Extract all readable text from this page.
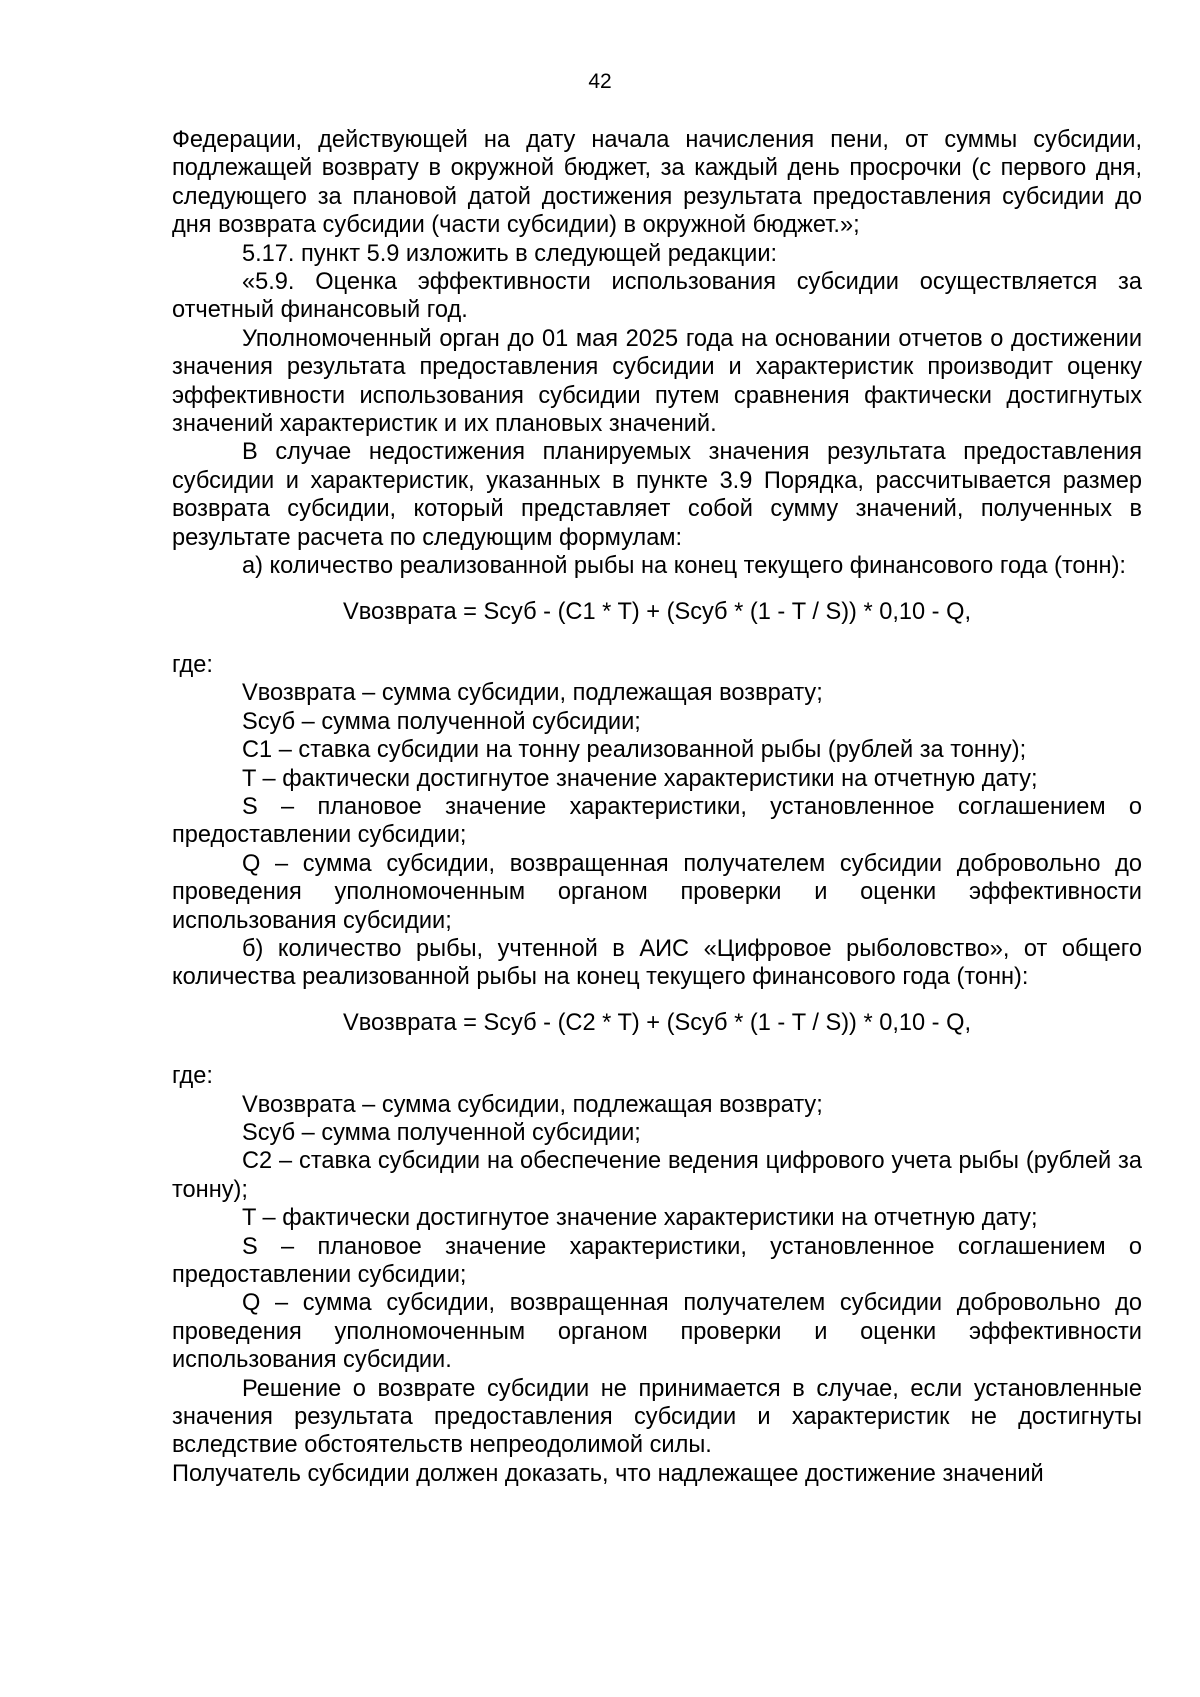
42

Федерации, действующей на дату начала начисления пени, от суммы субсидии, подлежащей возврату в окружной бюджет, за каждый день просрочки (с первого дня, следующего за плановой датой достижения результата предоставления субсидии до дня возврата субсидии (части субсидии) в окружной бюджет.»;

5.17. пункт 5.9 изложить в следующей редакции:

«5.9. Оценка эффективности использования субсидии осуществляется за отчетный финансовый год.

Уполномоченный орган до 01 мая 2025 года на основании отчетов о достижении значения результата предоставления субсидии и характеристик производит оценку эффективности использования субсидии путем сравнения фактически достигнутых значений характеристик и их плановых значений.

В случае недостижения планируемых значения результата предоставления субсидии и характеристик, указанных в пункте 3.9 Порядка, рассчитывается размер возврата субсидии, который представляет собой сумму значений, полученных в результате расчета по следующим формулам:

а) количество реализованной рыбы на конец текущего финансового года (тонн):

Vвозврата = Sсуб - (C1 * T) + (Sсуб * (1 - T / S)) * 0,10 - Q,

где:

Vвозврата – сумма субсидии, подлежащая возврату;

Sсуб – сумма полученной субсидии;

C1 – ставка субсидии на тонну реализованной рыбы (рублей за тонну);

T – фактически достигнутое значение характеристики на отчетную дату;

S – плановое значение характеристики, установленное соглашением о предоставлении субсидии;

Q – сумма субсидии, возвращенная получателем субсидии добровольно до проведения уполномоченным органом проверки и оценки эффективности использования субсидии;

б) количество рыбы, учтенной в АИС «Цифровое рыболовство», от общего количества реализованной рыбы на конец текущего финансового года (тонн):

Vвозврата = Sсуб - (C2 * T) + (Sсуб * (1 - T / S)) * 0,10 - Q,

где:

Vвозврата – сумма субсидии, подлежащая возврату;

Sсуб – сумма полученной субсидии;

C2 – ставка субсидии на обеспечение ведения цифрового учета рыбы (рублей за тонну);

T – фактически достигнутое значение характеристики на отчетную дату;

S – плановое значение характеристики, установленное соглашением о предоставлении субсидии;

Q – сумма субсидии, возвращенная получателем субсидии добровольно до проведения уполномоченным органом проверки и оценки эффективности использования субсидии.

Решение о возврате субсидии не принимается в случае, если установленные значения результата предоставления субсидии и характеристик не достигнуты вследствие обстоятельств непреодолимой силы.

Получатель субсидии должен доказать, что надлежащее достижение значений
